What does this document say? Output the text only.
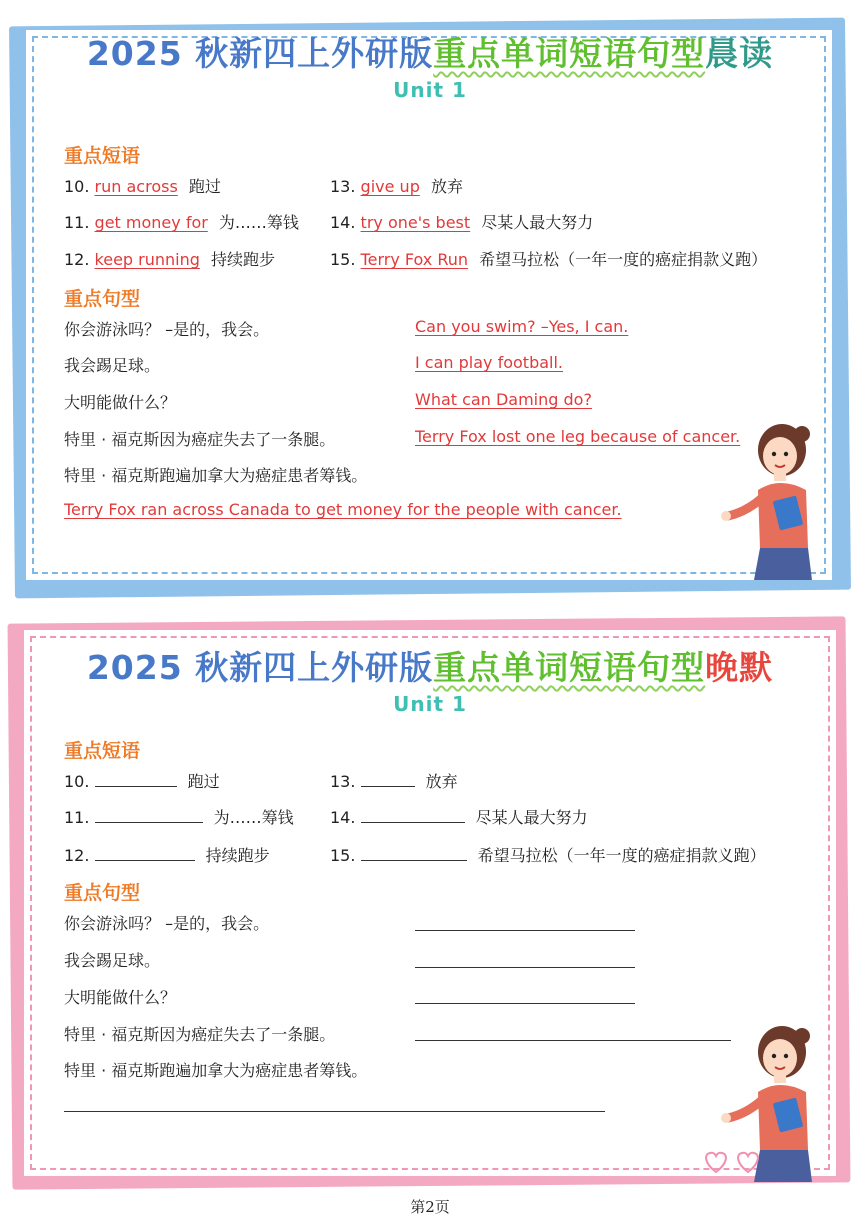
2025 秋新四上外研版重点单词短语句型晨读
Unit 1
重点短语
10. run across 跑过
11. get money for 为……筹钱
12. keep running 持续跑步
13. give up 放弃
14. try one's best 尽某人最大努力
15. Terry Fox Run 希望马拉松（一年一度的癌症捐款义跑）
重点句型
你会游泳吗？ –是的，我会。	Can you swim? –Yes, I can.
我会踢足球。	I can play football.
大明能做什么？	What can Daming do?
特里 · 福克斯因为癌症失去了一条腿。	Terry Fox lost one leg because of cancer.
特里 · 福克斯跑遍加拿大为癌症患者筹钱。
Terry Fox ran across Canada to get money for the people with cancer.
2025 秋新四上外研版重点单词短语句型晚默
Unit 1
重点短语
10.	跑过
11.	为……筹钱
12.	持续跑步
13.	放弃
14.	尽某人最大努力
15.	希望马拉松（一年一度的癌症捐款义跑）
重点句型
你会游泳吗？ –是的，我会。
我会踢足球。
大明能做什么？
特里 · 福克斯因为癌症失去了一条腿。
特里 · 福克斯跑遍加拿大为癌症患者筹钱。
第2页
